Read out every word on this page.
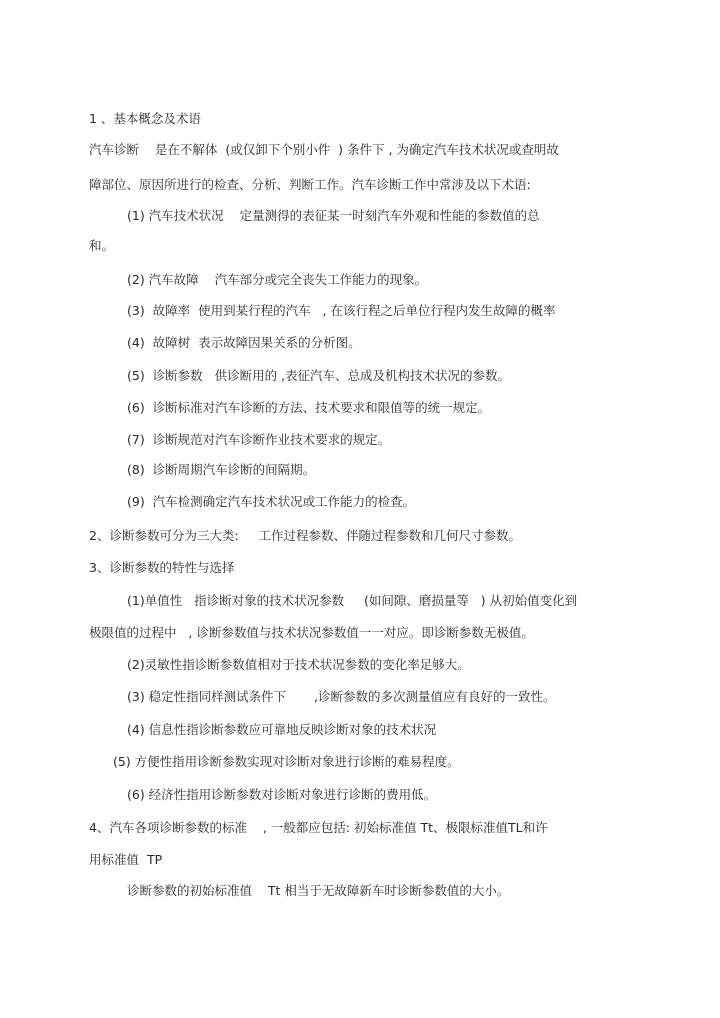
1 、基本概念及术语
汽车诊断    是在不解体  (或仅卸下个别小件  ) 条件下 , 为确定汽车技术状况或查明故
障部位、原因所进行的检查、分析、判断工作。汽车诊断工作中常涉及以下术语:
(1) 汽车技术状况    定量测得的表征某一时刻汽车外观和性能的参数值的总
和。
(2) 汽车故障    汽车部分或完全丧失工作能力的现象。
(3)  故障率  使用到某行程的汽车   , 在该行程之后单位行程内发生故障的概率
(4)  故障树  表示故障因果关系的分析图。
(5)  诊断参数   供诊断用的 ,表征汽车、总成及机构技术状况的参数。
(6)  诊断标准对汽车诊断的方法、技术要求和限值等的统一规定。
(7)  诊断规范对汽车诊断作业技术要求的规定。
(8)  诊断周期汽车诊断的间隔期。
(9)  汽车检测确定汽车技术状况或工作能力的检查。
2、诊断参数可分为三大类:     工作过程参数、伴随过程参数和几何尺寸参数。
3、诊断参数的特性与选择
(1)单值性   指诊断对象的技术状况参数     (如间隙、磨损量等   ) 从初始值变化到
极限值的过程中   , 诊断参数值与技术状况参数值一一对应。即诊断参数无极值。
(2)灵敏性指诊断参数值相对于技术状况参数的变化率足够大。
(3) 稳定性指同样测试条件下       ,诊断参数的多次测量值应有良好的一致性。
(4) 信息性指诊断参数应可靠地反映诊断对象的技术状况
(5) 方便性指用诊断参数实现对诊断对象进行诊断的难易程度。
(6) 经济性指用诊断参数对诊断对象进行诊断的费用低。
4、汽车各项诊断参数的标准    , 一般都应包括: 初始标准值 Tt、极限标准值TL和许
用标准值  TP
诊断参数的初始标准值    Tt 相当于无故障新车时诊断参数值的大小。
